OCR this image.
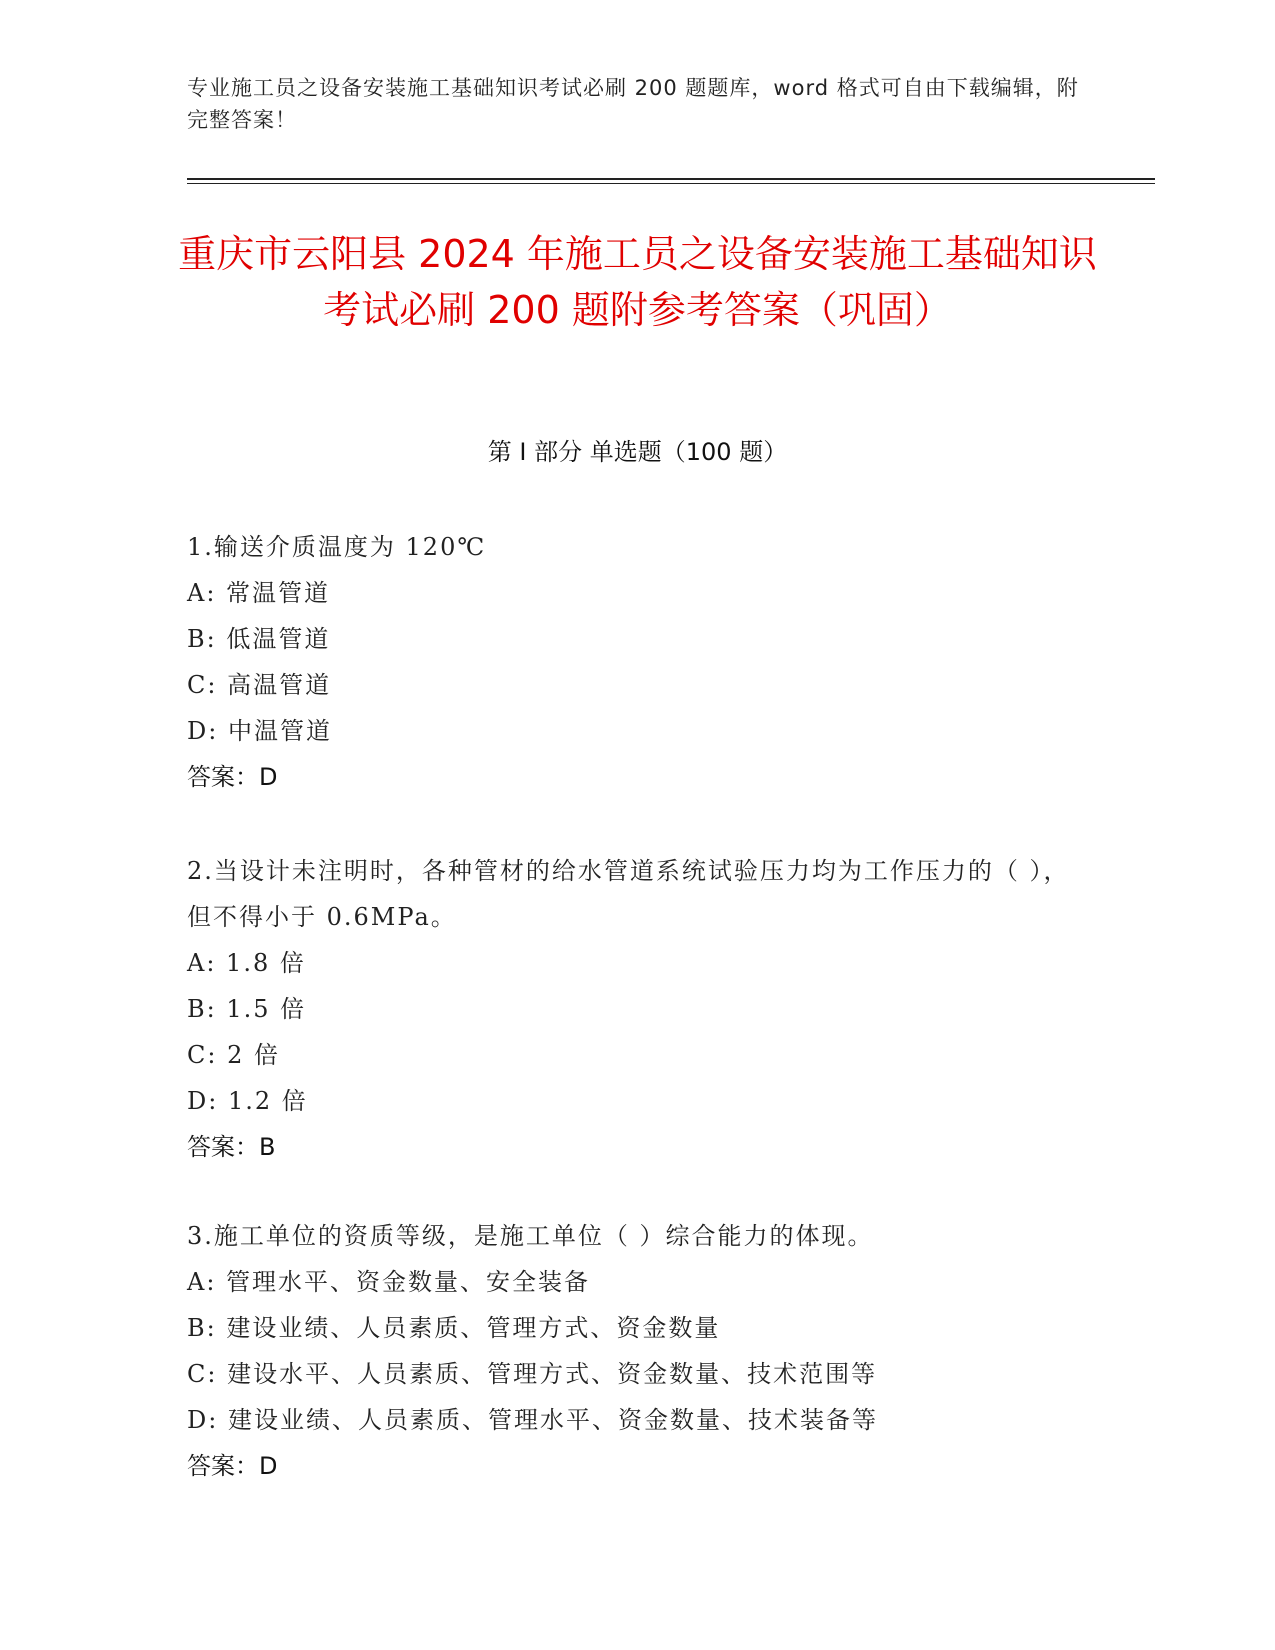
专业施工员之设备安装施工基础知识考试必刷 200 题题库，word 格式可自由下载编辑，附完整答案！
重庆市云阳县 2024 年施工员之设备安装施工基础知识考试必刷 200 题附参考答案（巩固）
第 I 部分 单选题（100 题）
1.输送介质温度为 120℃
A: 常温管道
B: 低温管道
C: 高温管道
D: 中温管道
答案：D
2.当设计未注明时，各种管材的给水管道系统试验压力均为工作压力的（ ），但不得小于 0.6MPa。
A: 1.8 倍
B: 1.5 倍
C: 2 倍
D: 1.2 倍
答案：B
3.施工单位的资质等级，是施工单位（ ）综合能力的体现。
A: 管理水平、资金数量、安全装备
B: 建设业绩、人员素质、管理方式、资金数量
C: 建设水平、人员素质、管理方式、资金数量、技术范围等
D: 建设业绩、人员素质、管理水平、资金数量、技术装备等
答案：D
